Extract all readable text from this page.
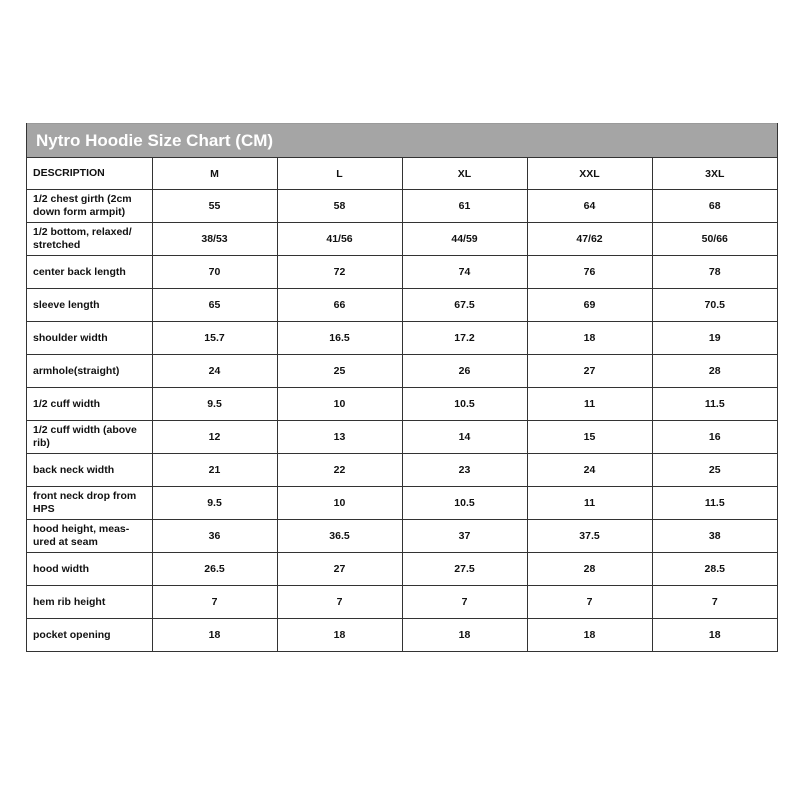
Nytro Hoodie Size Chart (CM)
DESCRIPTION	M	L	XL	XXL	3XL
1/2 chest girth (2cm down form armpit)	55	58	61	64	68
1/2 bottom, relaxed/ stretched	38/53	41/56	44/59	47/62	50/66
center back length	70	72	74	76	78
sleeve length	65	66	67.5	69	70.5
shoulder width	15.7	16.5	17.2	18	19
armhole(straight)	24	25	26	27	28
1/2 cuff width	9.5	10	10.5	11	11.5
1/2 cuff width (above rib)	12	13	14	15	16
back neck width	21	22	23	24	25
front neck drop from HPS	9.5	10	10.5	11	11.5
hood height, meas- ured at seam	36	36.5	37	37.5	38
hood width	26.5	27	27.5	28	28.5
hem rib height	7	7	7	7	7
pocket opening	18	18	18	18	18
